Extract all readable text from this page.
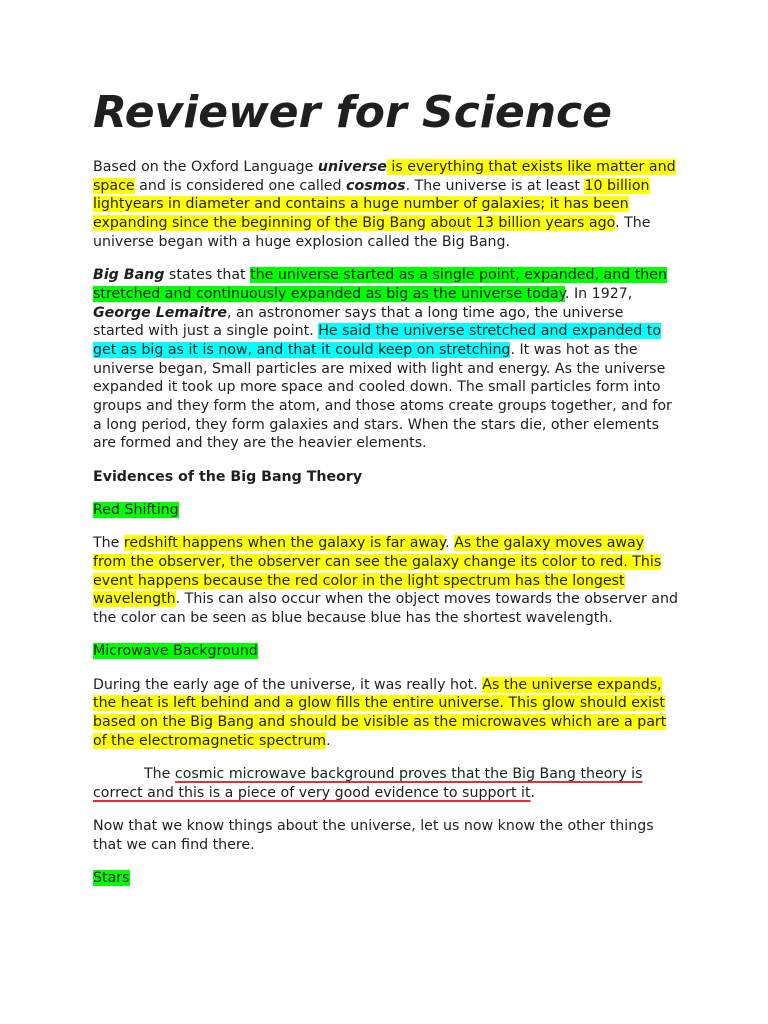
Reviewer for Science

Based on the Oxford Language universe is everything that exists like matter and space and is considered one called cosmos. The universe is at least 10 billion lightyears in diameter and contains a huge number of galaxies; it has been expanding since the beginning of the Big Bang about 13 billion years ago. The universe began with a huge explosion called the Big Bang.

Big Bang states that the universe started as a single point, expanded, and then stretched and continuously expanded as big as the universe today. In 1927, George Lemaitre, an astronomer says that a long time ago, the universe started with just a single point. He said the universe stretched and expanded to get as big as it is now, and that it could keep on stretching. It was hot as the universe began, Small particles are mixed with light and energy. As the universe expanded it took up more space and cooled down. The small particles form into groups and they form the atom, and those atoms create groups together, and for a long period, they form galaxies and stars. When the stars die, other elements are formed and they are the heavier elements.

Evidences of the Big Bang Theory

Red Shifting

The redshift happens when the galaxy is far away. As the galaxy moves away from the observer, the observer can see the galaxy change its color to red. This event happens because the red color in the light spectrum has the longest wavelength. This can also occur when the object moves towards the observer and the color can be seen as blue because blue has the shortest wavelength.

Microwave Background

During the early age of the universe, it was really hot. As the universe expands, the heat is left behind and a glow fills the entire universe. This glow should exist based on the Big Bang and should be visible as the microwaves which are a part of the electromagnetic spectrum.

The cosmic microwave background proves that the Big Bang theory is correct and this is a piece of very good evidence to support it.

Now that we know things about the universe, let us now know the other things that we can find there.

Stars
